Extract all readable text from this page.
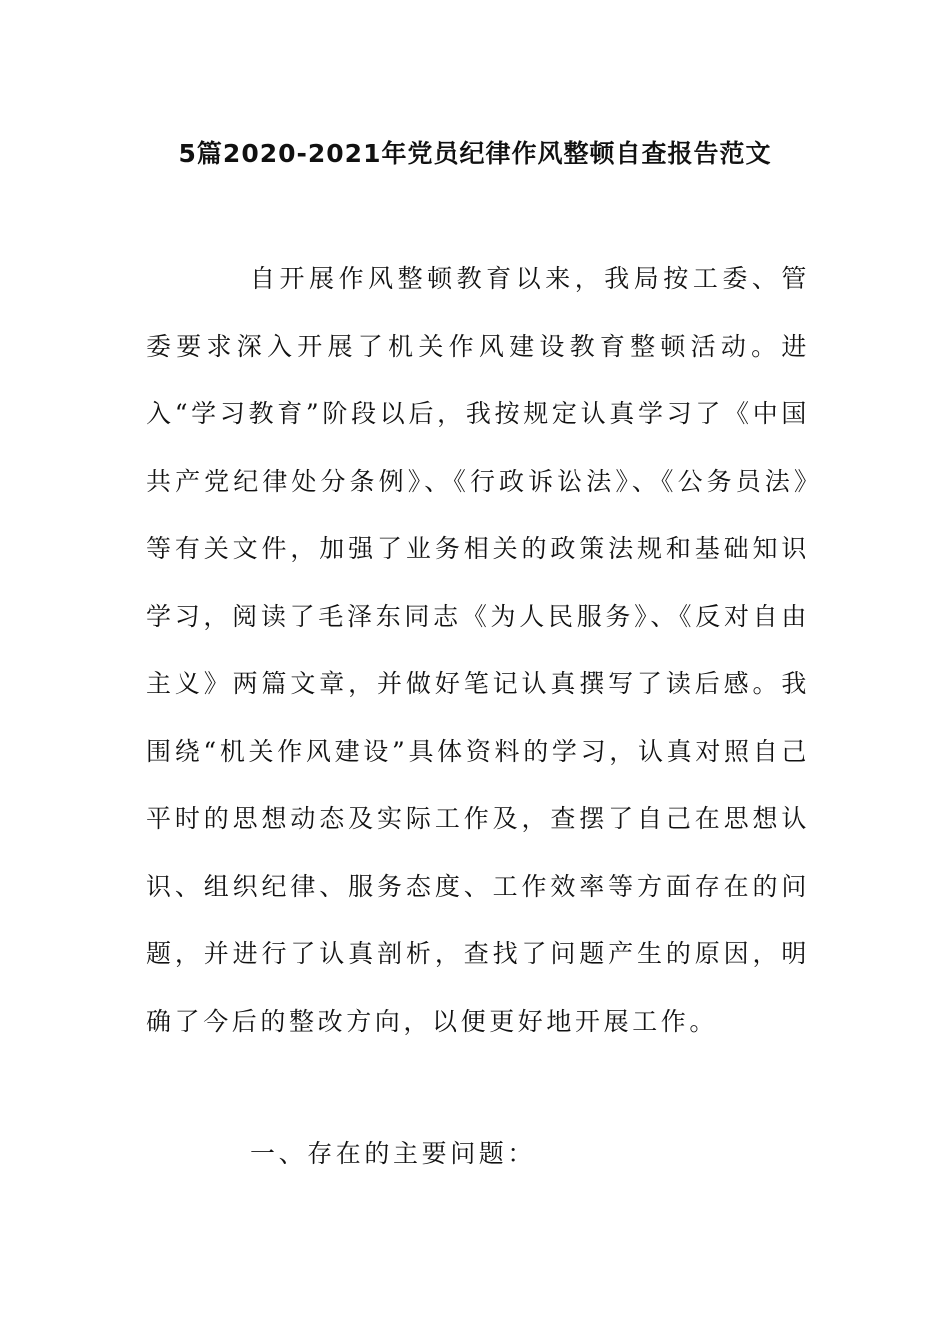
5篇2020-2021年党员纪律作风整顿自查报告范文

自开展作风整顿教育以来，我局按工委、管委要求深入开展了机关作风建设教育整顿活动。进入“学习教育”阶段以后，我按规定认真学习了《中国共产党纪律处分条例》、《行政诉讼法》、《公务员法》等有关文件，加强了业务相关的政策法规和基础知识学习，阅读了毛泽东同志《为人民服务》、《反对自由主义》两篇文章，并做好笔记认真撰写了读后感。我围绕“机关作风建设”具体资料的学习，认真对照自己平时的思想动态及实际工作及，查摆了自己在思想认识、组织纪律、服务态度、工作效率等方面存在的问题，并进行了认真剖析，查找了问题产生的原因，明确了今后的整改方向，以便更好地开展工作。

一、存在的主要问题：
